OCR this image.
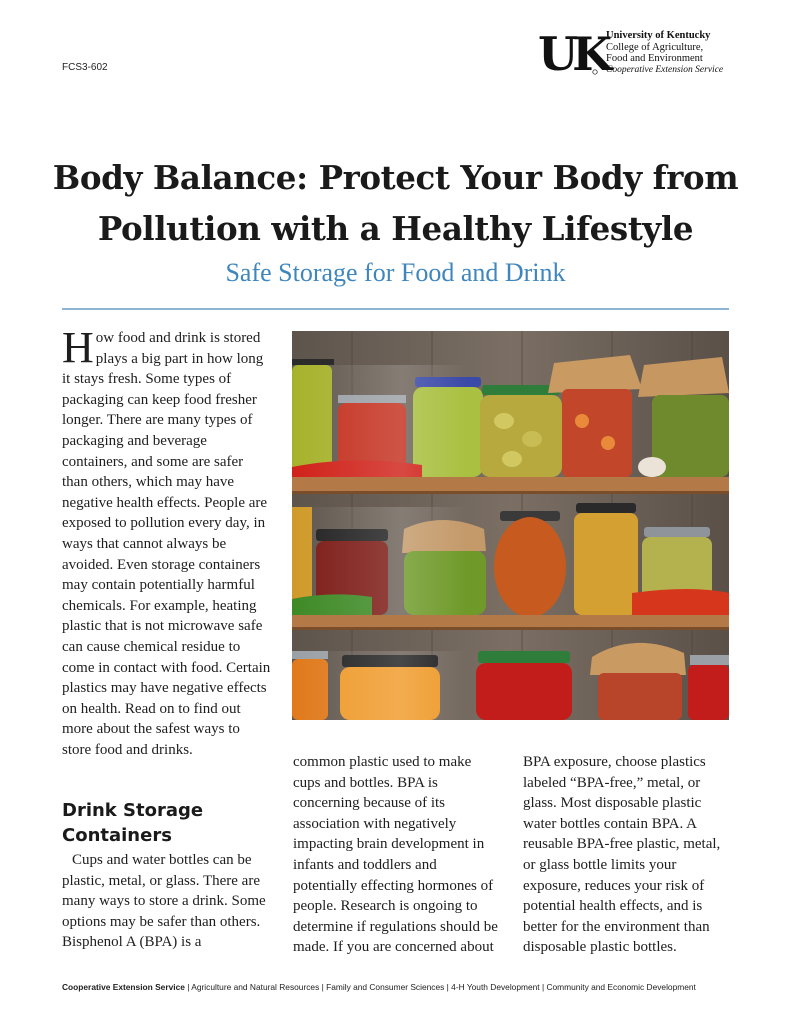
FCS3-602	UK University of Kentucky
College of Agriculture,
Food and Environment
Cooperative Extension Service
Body Balance: Protect Your Body from
Pollution with a Healthy Lifestyle
Safe Storage for Food and Drink
How food and drink is stored plays a big part in how long it stays fresh. Some types of packaging can keep food fresher longer. There are many types of packaging and beverage containers, and some are safer than others, which may have negative health effects. People are exposed to pollution every day, in ways that cannot always be avoided. Even storage containers may contain potentially harmful chemicals. For example, heating plastic that is not microwave safe can cause chemical residue to come in contact with food. Certain plastics may have negative effects on health. Read on to find out more about the safest ways to store food and drinks.
Drink Storage Containers
Cups and water bottles can be plastic, metal, or glass. There are many ways to store a drink. Some options may be safer than others. Bisphenol A (BPA) is a
common plastic used to make cups and bottles. BPA is concerning because of its association with negatively impacting brain development in infants and toddlers and potentially effecting hormones of people. Research is ongoing to determine if regulations should be made. If you are concerned about
BPA exposure, choose plastics labeled “BPA-free,” metal, or glass. Most disposable plastic water bottles contain BPA. A reusable BPA-free plastic, metal, or glass bottle limits your exposure, reduces your risk of potential health effects, and is better for the environment than disposable plastic bottles.
Cooperative Extension Service | Agriculture and Natural Resources | Family and Consumer Sciences | 4-H Youth Development | Community and Economic Development
